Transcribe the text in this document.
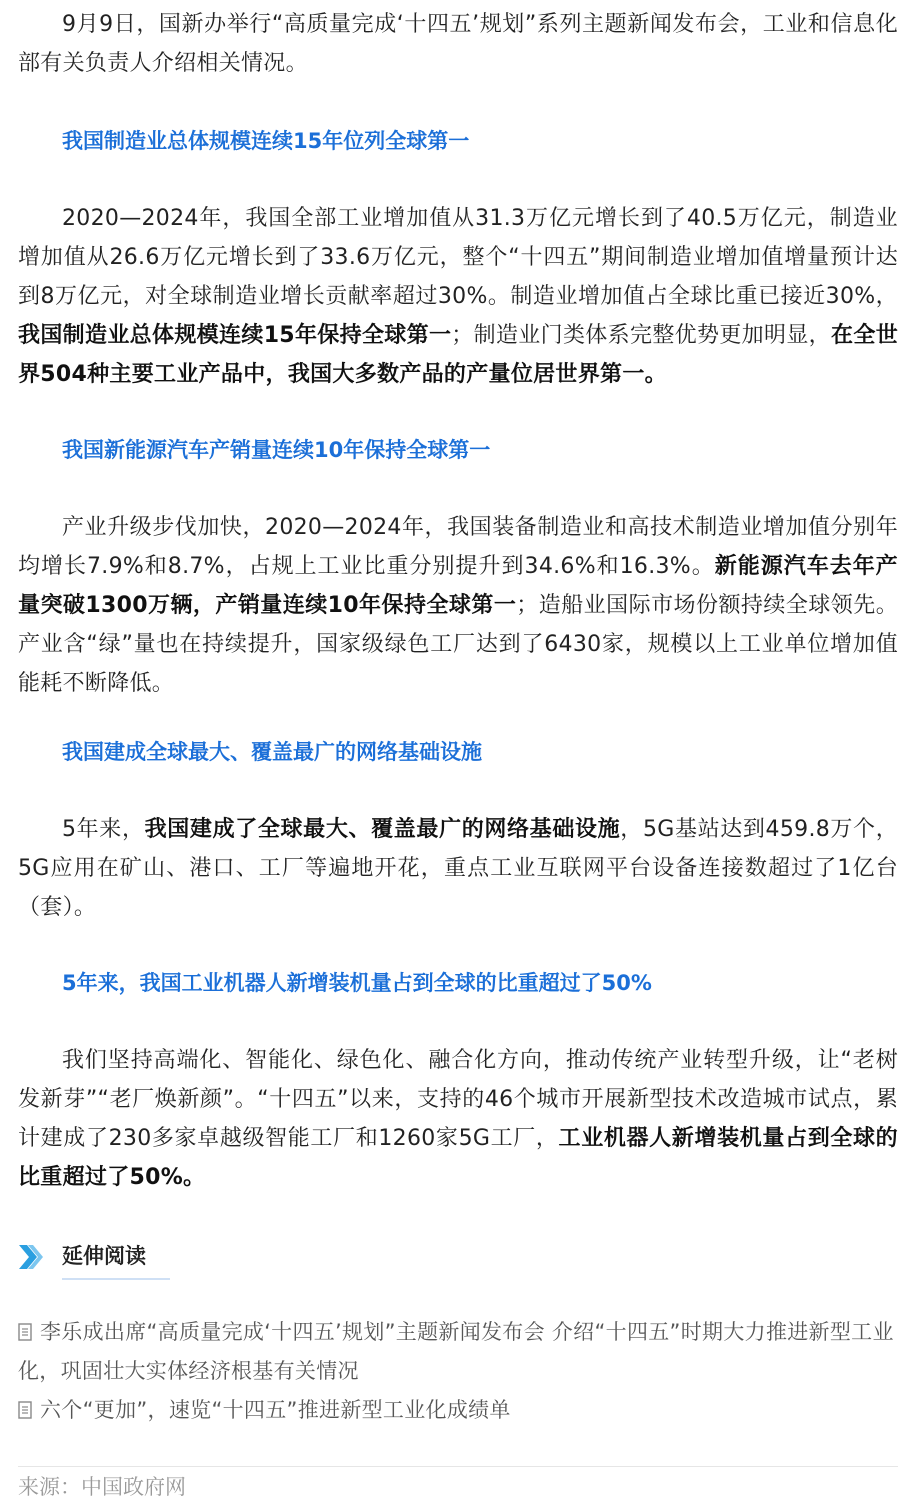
9月9日，国新办举行“高质量完成‘十四五’规划”系列主题新闻发布会，工业和信息化部有关负责人介绍相关情况。

我国制造业总体规模连续15年位列全球第一

2020—2024年，我国全部工业增加值从31.3万亿元增长到了40.5万亿元，制造业增加值从26.6万亿元增长到了33.6万亿元，整个“十四五”期间制造业增加值增量预计达到8万亿元，对全球制造业增长贡献率超过30%。制造业增加值占全球比重已接近30%，我国制造业总体规模连续15年保持全球第一；制造业门类体系完整优势更加明显，在全世界504种主要工业产品中，我国大多数产品的产量位居世界第一。

我国新能源汽车产销量连续10年保持全球第一

产业升级步伐加快，2020—2024年，我国装备制造业和高技术制造业增加值分别年均增长7.9%和8.7%，占规上工业比重分别提升到34.6%和16.3%。新能源汽车去年产量突破1300万辆，产销量连续10年保持全球第一；造船业国际市场份额持续全球领先。产业含“绿”量也在持续提升，国家级绿色工厂达到了6430家，规模以上工业单位增加值能耗不断降低。

我国建成全球最大、覆盖最广的网络基础设施

5年来，我国建成了全球最大、覆盖最广的网络基础设施，5G基站达到459.8万个，5G应用在矿山、港口、工厂等遍地开花，重点工业互联网平台设备连接数超过了1亿台（套）。

5年来，我国工业机器人新增装机量占到全球的比重超过了50%

我们坚持高端化、智能化、绿色化、融合化方向，推动传统产业转型升级，让“老树发新芽”“老厂焕新颜”。“十四五”以来，支持的46个城市开展新型技术改造城市试点，累计建成了230多家卓越级智能工厂和1260家5G工厂，工业机器人新增装机量占到全球的比重超过了50%。

延伸阅读
李乐成出席“高质量完成‘十四五’规划”主题新闻发布会 介绍“十四五”时期大力推进新型工业化，巩固壮大实体经济根基有关情况
六个“更加”，速览“十四五”推进新型工业化成绩单
来源：中国政府网
